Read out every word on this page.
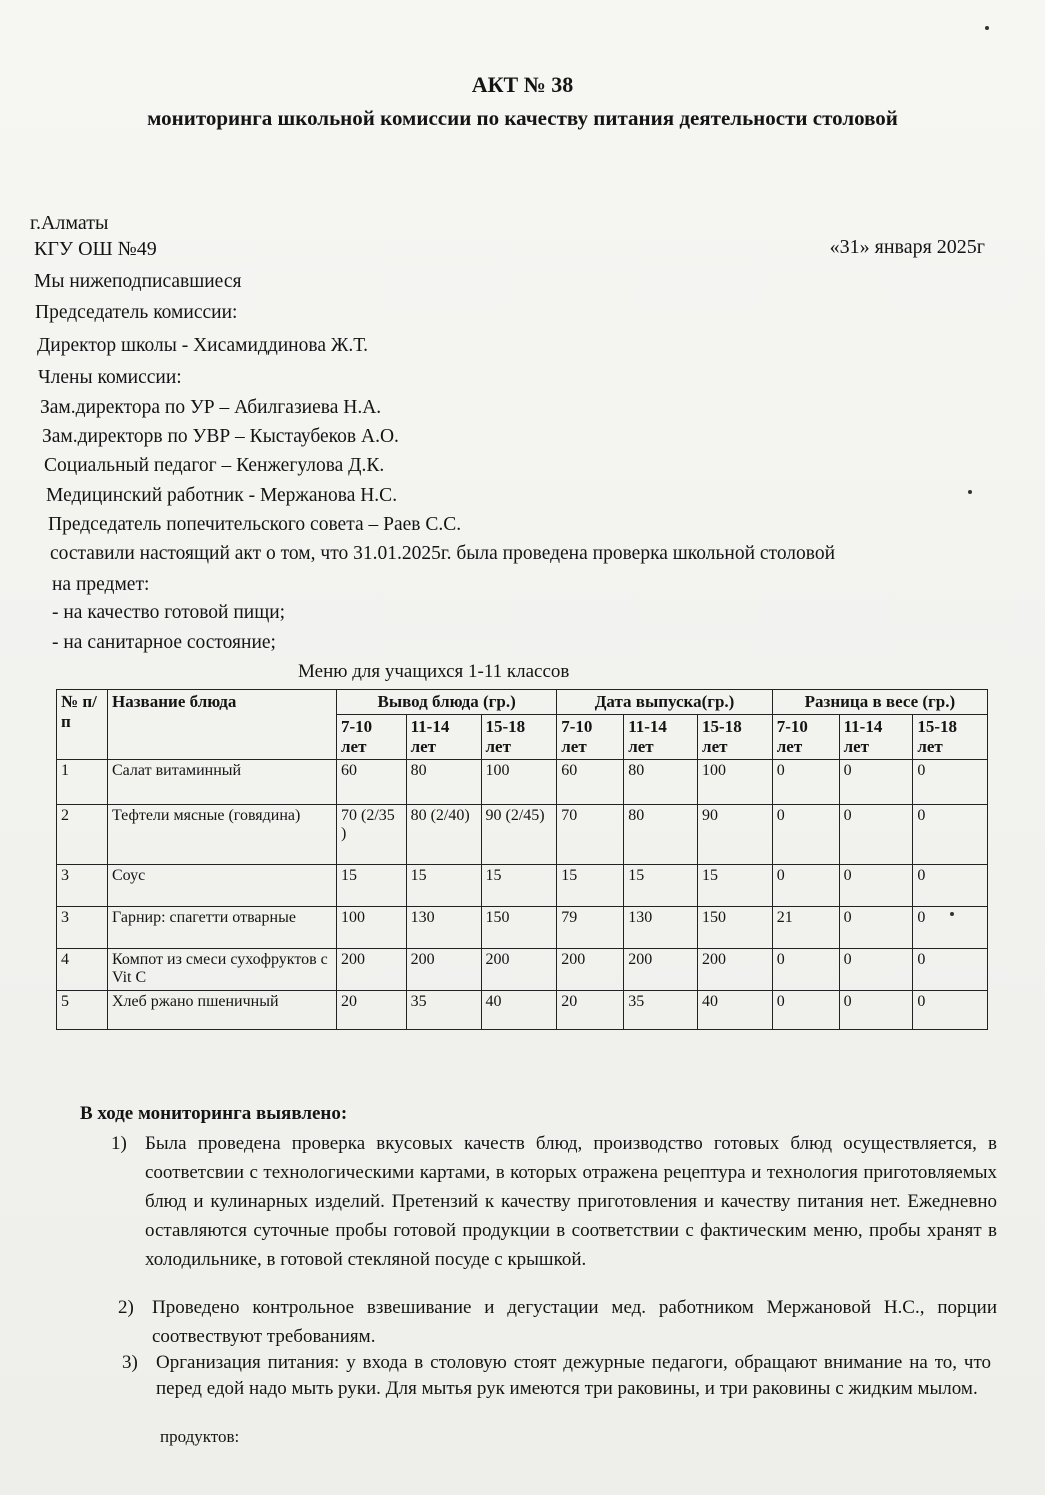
АКТ № 38
мониторинга школьной комиссии по качеству питания деятельности столовой
г.Алматы
КГУ ОШ №49	«31» января 2025г
Мы нижеподписавшиеся
Председатель комиссии:
Директор школы - Хисамиддинова Ж.Т.
Члены комиссии:
Зам.директора по УР – Абилгазиева Н.А.
Зам.директорв по УВР – Кыстаубеков А.О.
Социальный педагог – Кенжегулова Д.К.
Медицинский работник - Мержанова Н.С.
Председатель попечительского совета – Раев С.С.
составили настоящий акт о том, что 31.01.2025г. была проведена проверка школьной столовой
на предмет:
- на качество готовой пищи;
- на санитарное состояние;
Меню для учащихся 1-11 классов
№ п/п	Название блюда	Вывод блюда (гр.)			Дата выпуска(гр.)			Разница в весе (гр.)		
		7-10 лет	11-14 лет	15-18 лет	7-10 лет	11-14 лет	15-18 лет	7-10 лет	11-14 лет	15-18 лет
1	Салат витаминный	60	80	100	60	80	100	0	0	0
2	Тефтели мясные (говядина)	70 (2/35 )	80 (2/40)	90 (2/45)	70	80	90	0	0	0
3	Соус	15	15	15	15	15	15	0	0	0
3	Гарнир: спагетти отварные	100	130	150	79	130	150	21	0	0
4	Компот из смеси сухофруктов с Vit C	200	200	200	200	200	200	0	0	0
5	Хлеб ржано пшеничный	20	35	40	20	35	40	0	0	0
В ходе мониторинга выявлено:
1) Была проведена проверка вкусовых качеств блюд, производство готовых блюд осуществляется, в соответсвии с технологическими картами, в которых отражена рецептура и технология приготовляемых блюд и кулинарных изделий. Претензий к качеству приготовления и качеству питания нет. Ежедневно оставляются суточные пробы готовой продукции в соответствии с фактическим меню, пробы хранят в холодильнике, в готовой стекляной посуде с крышкой.
2) Проведено контрольное взвешивание и дегустации мед. работником Мержановой Н.С., порции соотвествуют требованиям.
3) Организация питания: у входа в столовую стоят дежурные педагоги, обращают внимание на то, что перед едой надо мыть руки. Для мытья рук имеются три раковины, и три раковины с жидким мылом.
продуктов:
